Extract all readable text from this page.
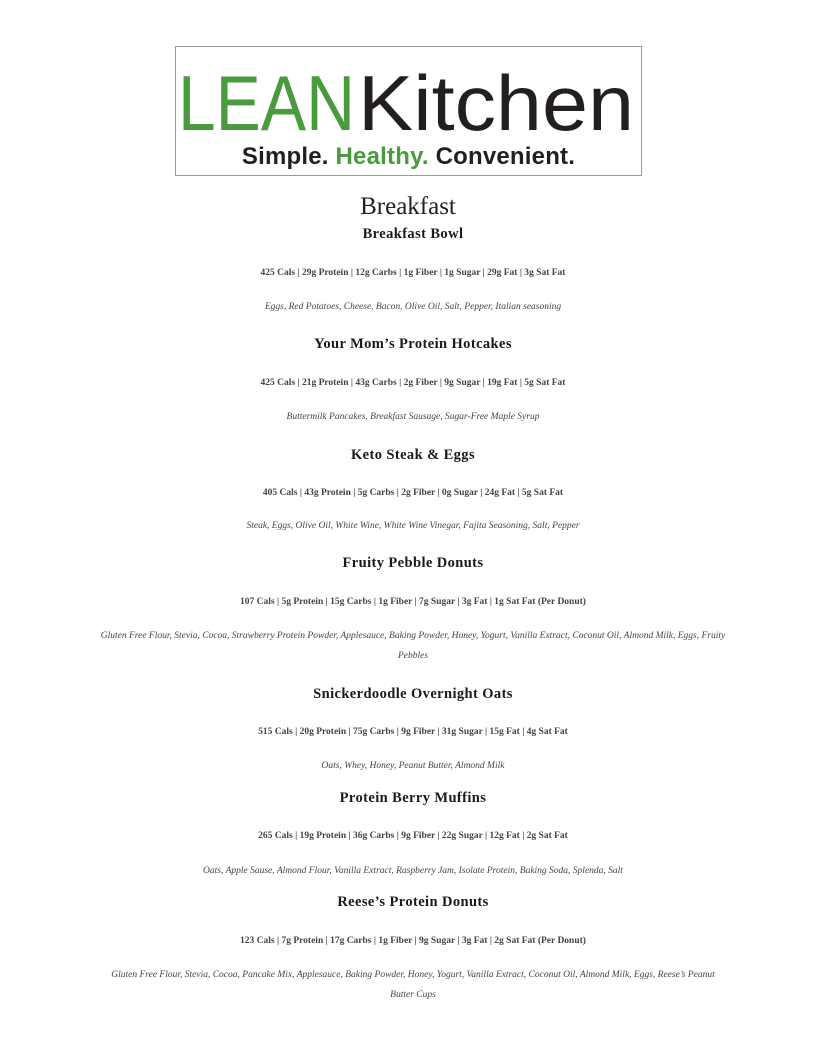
LEAN Kitchen
Simple. Healthy. Convenient.
Breakfast
Breakfast Bowl
425 Cals | 29g Protein | 12g Carbs | 1g Fiber | 1g Sugar | 29g Fat | 3g Sat Fat
Eggs, Red Potatoes, Cheese, Bacon, Olive Oil, Salt, Pepper, Italian seasoning
Your Mom’s Protein Hotcakes
425 Cals | 21g Protein | 43g Carbs | 2g Fiber | 9g Sugar | 19g Fat | 5g Sat Fat
Buttermilk Pancakes, Breakfast Sausage, Sugar-Free Maple Syrup
Keto Steak & Eggs
405 Cals | 43g Protein | 5g Carbs | 2g Fiber | 0g Sugar | 24g Fat | 5g Sat Fat
Steak, Eggs, Olive Oil, White Wine, White Wine Vinegar, Fajita Seasoning, Salt, Pepper
Fruity Pebble Donuts
107 Cals | 5g Protein | 15g Carbs | 1g Fiber | 7g Sugar | 3g Fat | 1g Sat Fat (Per Donut)
Gluten Free Flour, Stevia, Cocoa, Strawberry Protein Powder, Applesauce, Baking Powder, Honey, Yogurt, Vanilla Extract, Coconut Oil, Almond Milk, Eggs, Fruity Pebbles
Snickerdoodle Overnight Oats
515 Cals | 20g Protein | 75g Carbs | 9g Fiber | 31g Sugar | 15g Fat | 4g Sat Fat
Oats, Whey, Honey, Peanut Butter, Almond Milk
Protein Berry Muffins
265 Cals | 19g Protein | 36g Carbs | 9g Fiber | 22g Sugar | 12g Fat | 2g Sat Fat
Oats, Apple Sause, Almond Flour, Vanilla Extract, Raspberry Jam, Isolate Protein, Baking Soda, Splenda, Salt
Reese’s Protein Donuts
123 Cals | 7g Protein | 17g Carbs | 1g Fiber | 9g Sugar | 3g Fat | 2g Sat Fat (Per Donut)
Gluten Free Flour, Stevia, Cocoa, Pancake Mix, Applesauce, Baking Powder, Honey, Yogurt, Vanilla Extract, Coconut Oil, Almond Milk, Eggs, Reese’s Peanut Butter Cups
